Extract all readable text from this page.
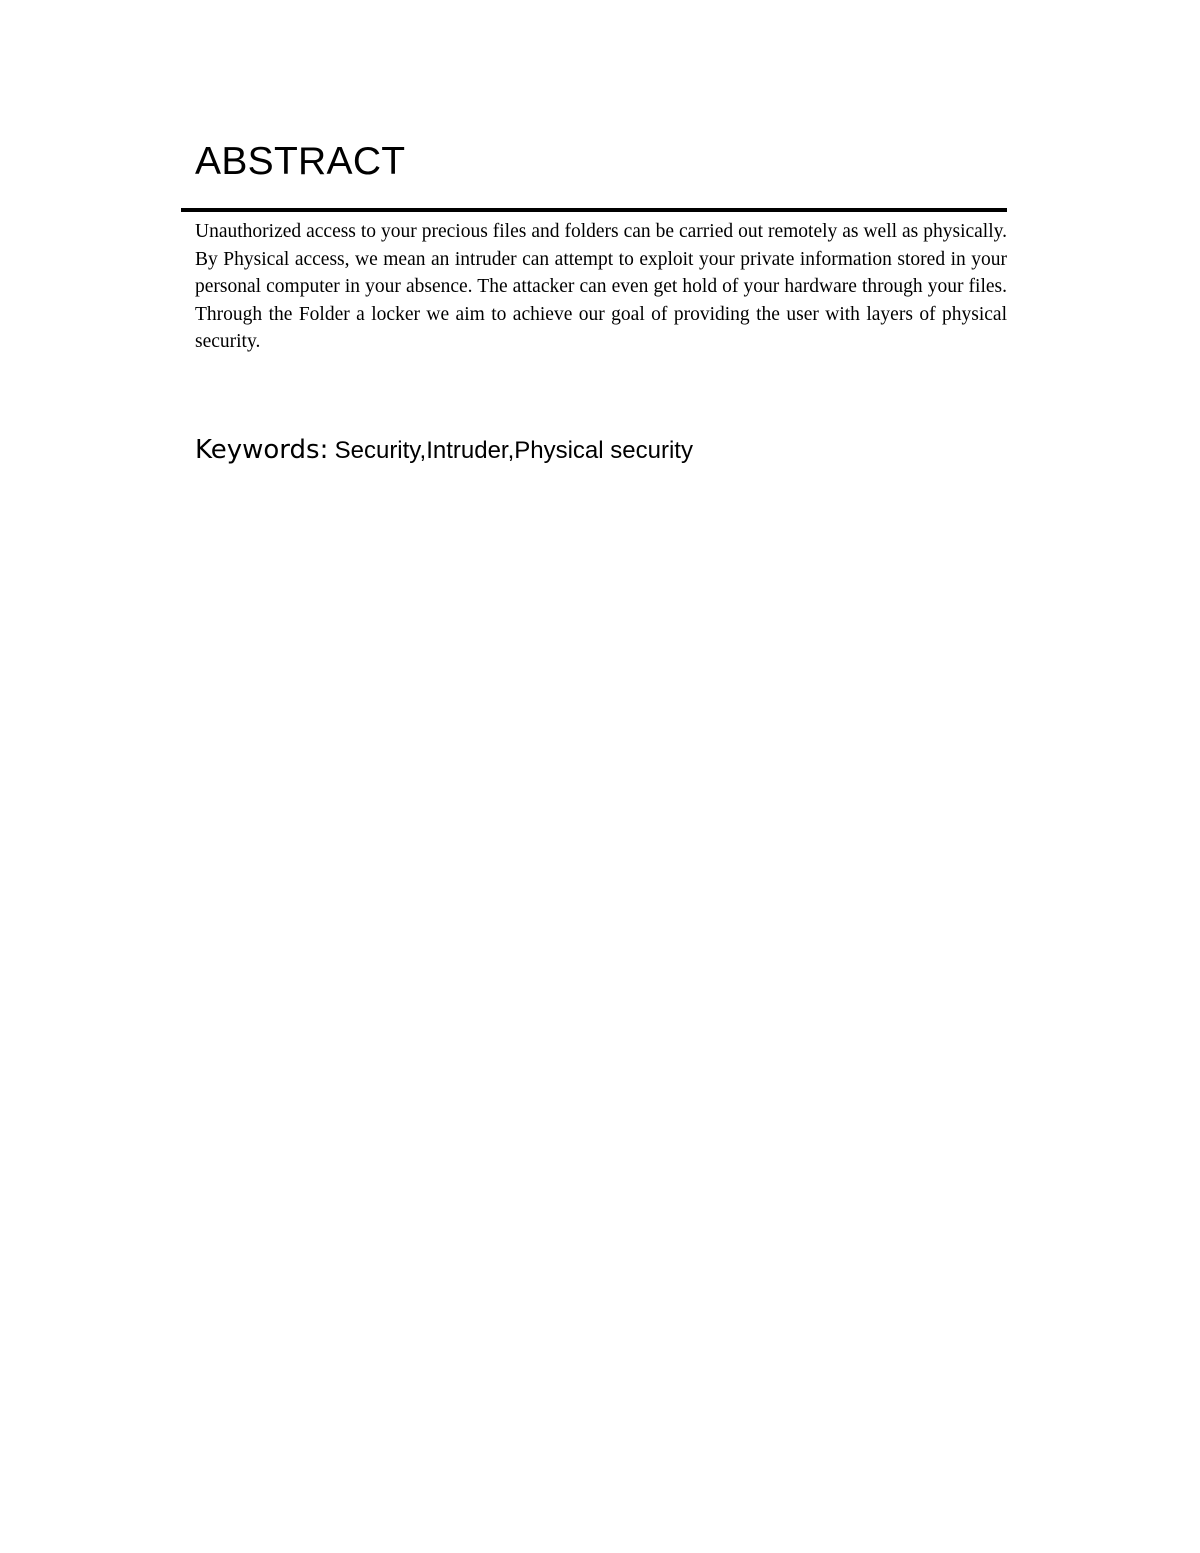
ABSTRACT

Unauthorized access to your precious files and folders can be carried out remotely as well as physically. By Physical access, we mean an intruder can attempt to exploit your private information stored in your personal computer in your absence. The attacker can even get hold of your hardware through your files. Through the Folder a locker we aim to achieve our goal of providing the user with layers of physical security.

Keywords: Security,Intruder,Physical security
